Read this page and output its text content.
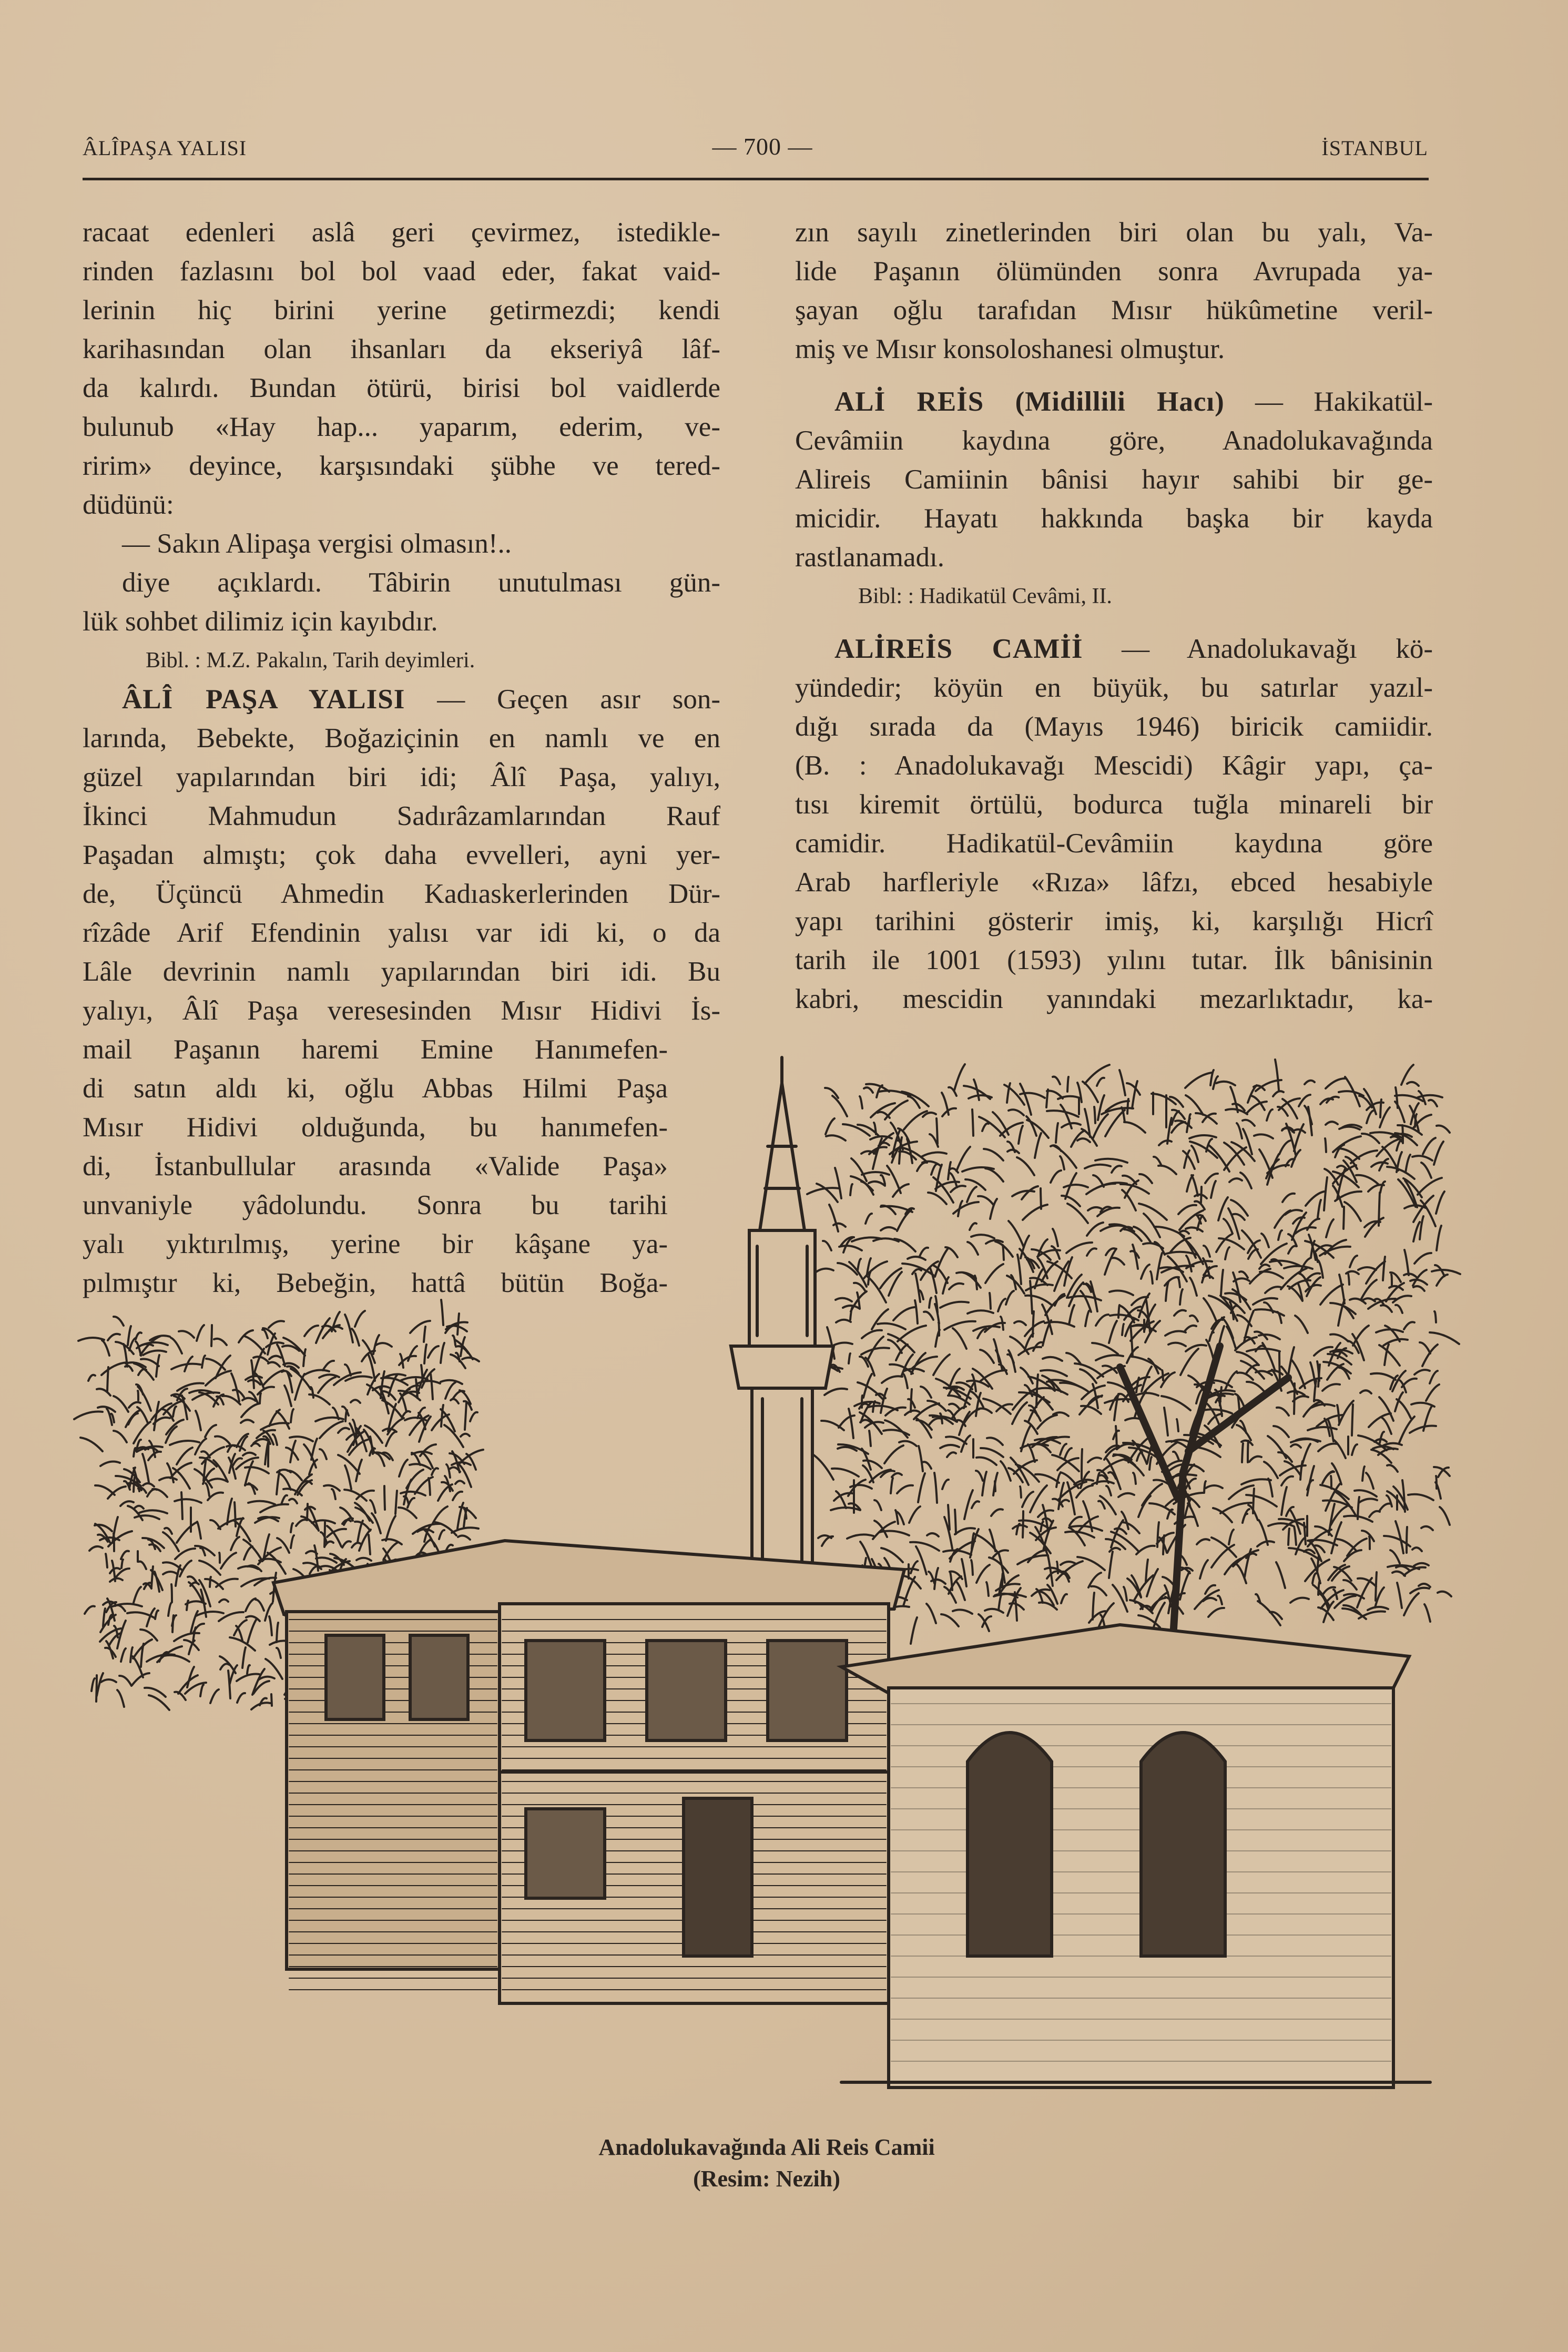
ÂLÎPAŞA YALISI	— 700 —	İSTANBUL
racaat edenleri aslâ geri çevirmez, istedikle-
rinden fazlasını bol bol vaad eder, fakat vaid-
lerinin hiç birini yerine getirmezdi; kendi
karihasından olan ihsanları da ekseriyâ lâf-
da kalırdı. Bundan ötürü, birisi bol vaidlerde
bulunub «Hay hap... yaparım, ederim, ve-
ririm» deyince, karşısındaki şübhe ve tered-
düdünü:
— Sakın Alipaşa vergisi olmasın!..
diye açıklardı. Tâbirin unutulması gün-
lük sohbet dilimiz için kayıbdır.
Bibl. : M.Z. Pakalın, Tarih deyimleri.
ÂLÎ PAŞA YALISI — Geçen asır son-
larında, Bebekte, Boğaziçinin en namlı ve en
güzel yapılarından biri idi; Âlî Paşa, yalıyı,
İkinci Mahmudun Sadırâzamlarından Rauf
Paşadan almıştı; çok daha evvelleri, ayni yer-
de, Üçüncü Ahmedin Kadıaskerlerinden Dür-
rîzâde Arif Efendinin yalısı var idi ki, o da
Lâle devrinin namlı yapılarından biri idi. Bu
yalıyı, Âlî Paşa veresesinden Mısır Hidivi İs-
mail Paşanın haremi Emine Hanımefen-
di satın aldı ki, oğlu Abbas Hilmi Paşa
Mısır Hidivi olduğunda, bu hanımefen-
di, İstanbullular arasında «Valide Paşa»
unvaniyle yâdolundu. Sonra bu tarihi
yalı yıktırılmış, yerine bir kâşane ya-
pılmıştır ki, Bebeğin, hattâ bütün Boğa-
zın sayılı zinetlerinden biri olan bu yalı, Va-
lide Paşanın ölümünden sonra Avrupada ya-
şayan oğlu tarafıdan Mısır hükûmetine veril-
miş ve Mısır konsoloshanesi olmuştur.
ALİ REİS (Midillili Hacı) — Hakikatül-
Cevâmiin kaydına göre, Anadolukavağında
Alireis Camiinin bânisi hayır sahibi bir ge-
micidir. Hayatı hakkında başka bir kayda
rastlanamadı.
Bibl: : Hadikatül Cevâmi, II.
ALİREİS CAMİİ — Anadolukavağı kö-
yündedir; köyün en büyük, bu satırlar yazıl-
dığı sırada da (Mayıs 1946) biricik camiidir.
(B. : Anadolukavağı Mescidi) Kâgir yapı, ça-
tısı kiremit örtülü, bodurca tuğla minareli bir
camidir. Hadikatül-Cevâmiin kaydına göre
Arab harfleriyle «Rıza» lâfzı, ebced hesabiyle
yapı tarihini gösterir imiş, ki, karşılığı Hicrî
tarih ile 1001 (1593) yılını tutar. İlk bânisinin
kabri, mescidin yanındaki mezarlıktadır, ka-
Anadolukavağında Ali Reis Camii
(Resim: Nezih)
